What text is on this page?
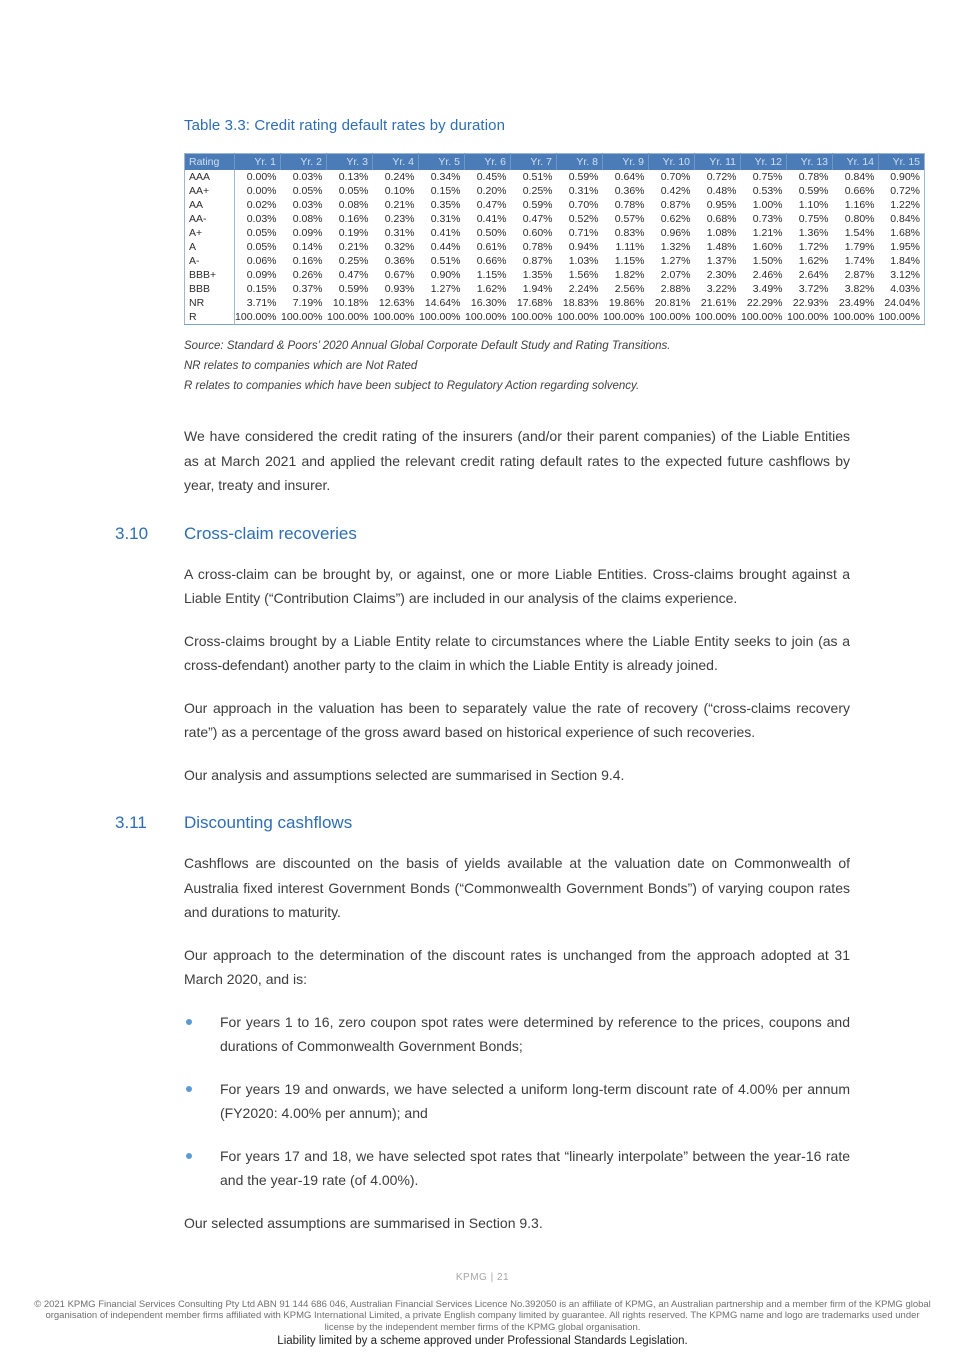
Table 3.3: Credit rating default rates by duration
Rating	Yr. 1	Yr. 2	Yr. 3	Yr. 4	Yr. 5	Yr. 6	Yr. 7	Yr. 8	Yr. 9	Yr. 10	Yr. 11	Yr. 12	Yr. 13	Yr. 14	Yr. 15
AAA	0.00%	0.03%	0.13%	0.24%	0.34%	0.45%	0.51%	0.59%	0.64%	0.70%	0.72%	0.75%	0.78%	0.84%	0.90%
AA+	0.00%	0.05%	0.05%	0.10%	0.15%	0.20%	0.25%	0.31%	0.36%	0.42%	0.48%	0.53%	0.59%	0.66%	0.72%
AA	0.02%	0.03%	0.08%	0.21%	0.35%	0.47%	0.59%	0.70%	0.78%	0.87%	0.95%	1.00%	1.10%	1.16%	1.22%
AA-	0.03%	0.08%	0.16%	0.23%	0.31%	0.41%	0.47%	0.52%	0.57%	0.62%	0.68%	0.73%	0.75%	0.80%	0.84%
A+	0.05%	0.09%	0.19%	0.31%	0.41%	0.50%	0.60%	0.71%	0.83%	0.96%	1.08%	1.21%	1.36%	1.54%	1.68%
A	0.05%	0.14%	0.21%	0.32%	0.44%	0.61%	0.78%	0.94%	1.11%	1.32%	1.48%	1.60%	1.72%	1.79%	1.95%
A-	0.06%	0.16%	0.25%	0.36%	0.51%	0.66%	0.87%	1.03%	1.15%	1.27%	1.37%	1.50%	1.62%	1.74%	1.84%
BBB+	0.09%	0.26%	0.47%	0.67%	0.90%	1.15%	1.35%	1.56%	1.82%	2.07%	2.30%	2.46%	2.64%	2.87%	3.12%
BBB	0.15%	0.37%	0.59%	0.93%	1.27%	1.62%	1.94%	2.24%	2.56%	2.88%	3.22%	3.49%	3.72%	3.82%	4.03%
NR	3.71%	7.19%	10.18%	12.63%	14.64%	16.30%	17.68%	18.83%	19.86%	20.81%	21.61%	22.29%	22.93%	23.49%	24.04%
R	100.00%	100.00%	100.00%	100.00%	100.00%	100.00%	100.00%	100.00%	100.00%	100.00%	100.00%	100.00%	100.00%	100.00%	100.00%

Source: Standard & Poors’ 2020 Annual Global Corporate Default Study and Rating Transitions.

NR relates to companies which are Not Rated

R relates to companies which have been subject to Regulatory Action regarding solvency.

We have considered the credit rating of the insurers (and/or their parent companies) of the Liable Entities as at March 2021 and applied the relevant credit rating default rates to the expected future cashflows by year, treaty and insurer.

3.10 Cross-claim recoveries

A cross-claim can be brought by, or against, one or more Liable Entities. Cross-claims brought against a Liable Entity (“Contribution Claims”) are included in our analysis of the claims experience.

Cross-claims brought by a Liable Entity relate to circumstances where the Liable Entity seeks to join (as a cross-defendant) another party to the claim in which the Liable Entity is already joined.

Our approach in the valuation has been to separately value the rate of recovery (“cross-claims recovery rate”) as a percentage of the gross award based on historical experience of such recoveries.

Our analysis and assumptions selected are summarised in Section 9.4.

3.11 Discounting cashflows

Cashflows are discounted on the basis of yields available at the valuation date on Commonwealth of Australia fixed interest Government Bonds (“Commonwealth Government Bonds”) of varying coupon rates and durations to maturity.

Our approach to the determination of the discount rates is unchanged from the approach adopted at 31 March 2020, and is:

For years 1 to 16, zero coupon spot rates were determined by reference to the prices, coupons and durations of Commonwealth Government Bonds;
For years 19 and onwards, we have selected a uniform long-term discount rate of 4.00% per annum (FY2020: 4.00% per annum); and
For years 17 and 18, we have selected spot rates that “linearly interpolate” between the year-16 rate and the year-19 rate (of 4.00%).

Our selected assumptions are summarised in Section 9.3.

KPMG | 21
© 2021 KPMG Financial Services Consulting Pty Ltd ABN 91 144 686 046, Australian Financial Services Licence No.392050 is an affiliate of KPMG, an Australian partnership and a member firm of the KPMG global organisation of independent member firms affiliated with KPMG International Limited, a private English company limited by guarantee. All rights reserved. The KPMG name and logo are trademarks used under license by the independent member firms of the KPMG global organisation.
Liability limited by a scheme approved under Professional Standards Legislation.
